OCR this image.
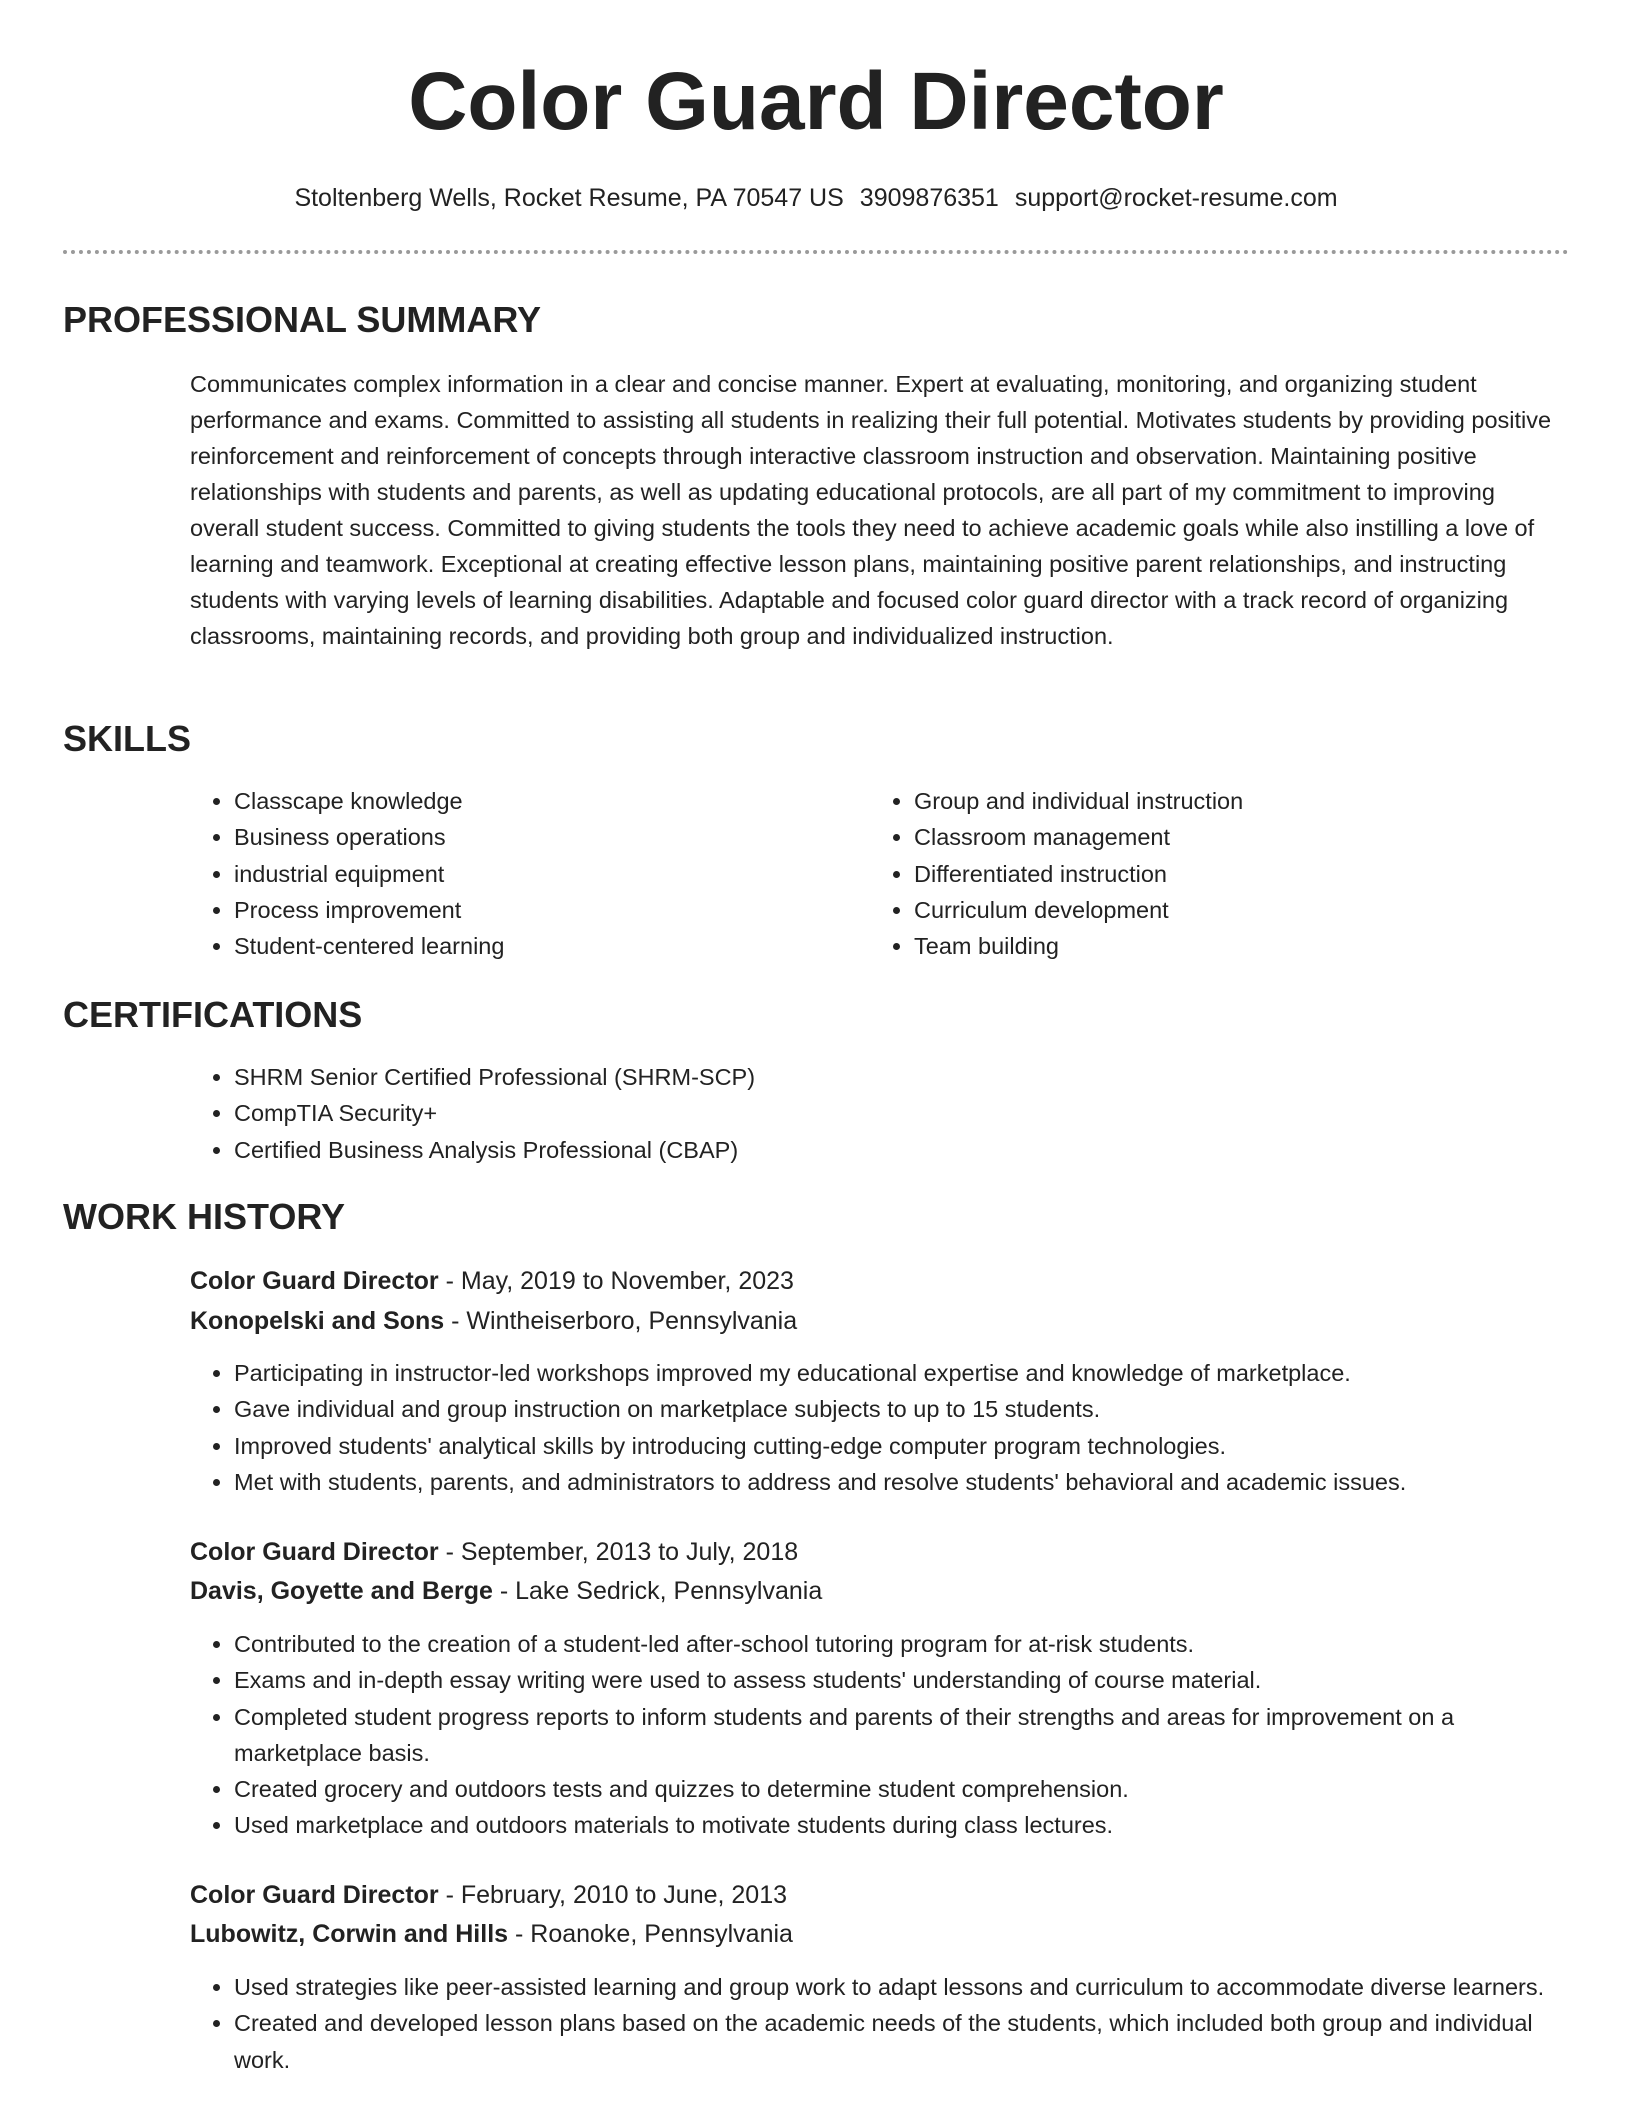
Color Guard Director
Stoltenberg Wells, Rocket Resume, PA 70547 US 3909876351 support@rocket-resume.com
PROFESSIONAL SUMMARY
Communicates complex information in a clear and concise manner. Expert at evaluating, monitoring, and organizing student performance and exams. Committed to assisting all students in realizing their full potential. Motivates students by providing positive reinforcement and reinforcement of concepts through interactive classroom instruction and observation. Maintaining positive relationships with students and parents, as well as updating educational protocols, are all part of my commitment to improving overall student success. Committed to giving students the tools they need to achieve academic goals while also instilling a love of learning and teamwork. Exceptional at creating effective lesson plans, maintaining positive parent relationships, and instructing students with varying levels of learning disabilities. Adaptable and focused color guard director with a track record of organizing classrooms, maintaining records, and providing both group and individualized instruction.
SKILLS
• Classcape knowledge
• Business operations
• industrial equipment
• Process improvement
• Student-centered learning
• Group and individual instruction
• Classroom management
• Differentiated instruction
• Curriculum development
• Team building
CERTIFICATIONS
• SHRM Senior Certified Professional (SHRM-SCP)
• CompTIA Security+
• Certified Business Analysis Professional (CBAP)
WORK HISTORY
Color Guard Director - May, 2019 to November, 2023
Konopelski and Sons - Wintheiserboro, Pennsylvania
• Participating in instructor-led workshops improved my educational expertise and knowledge of marketplace.
• Gave individual and group instruction on marketplace subjects to up to 15 students.
• Improved students' analytical skills by introducing cutting-edge computer program technologies.
• Met with students, parents, and administrators to address and resolve students' behavioral and academic issues.
Color Guard Director - September, 2013 to July, 2018
Davis, Goyette and Berge - Lake Sedrick, Pennsylvania
• Contributed to the creation of a student-led after-school tutoring program for at-risk students.
• Exams and in-depth essay writing were used to assess students' understanding of course material.
• Completed student progress reports to inform students and parents of their strengths and areas for improvement on a marketplace basis.
• Created grocery and outdoors tests and quizzes to determine student comprehension.
• Used marketplace and outdoors materials to motivate students during class lectures.
Color Guard Director - February, 2010 to June, 2013
Lubowitz, Corwin and Hills - Roanoke, Pennsylvania
• Used strategies like peer-assisted learning and group work to adapt lessons and curriculum to accommodate diverse learners.
• Created and developed lesson plans based on the academic needs of the students, which included both group and individual work.
